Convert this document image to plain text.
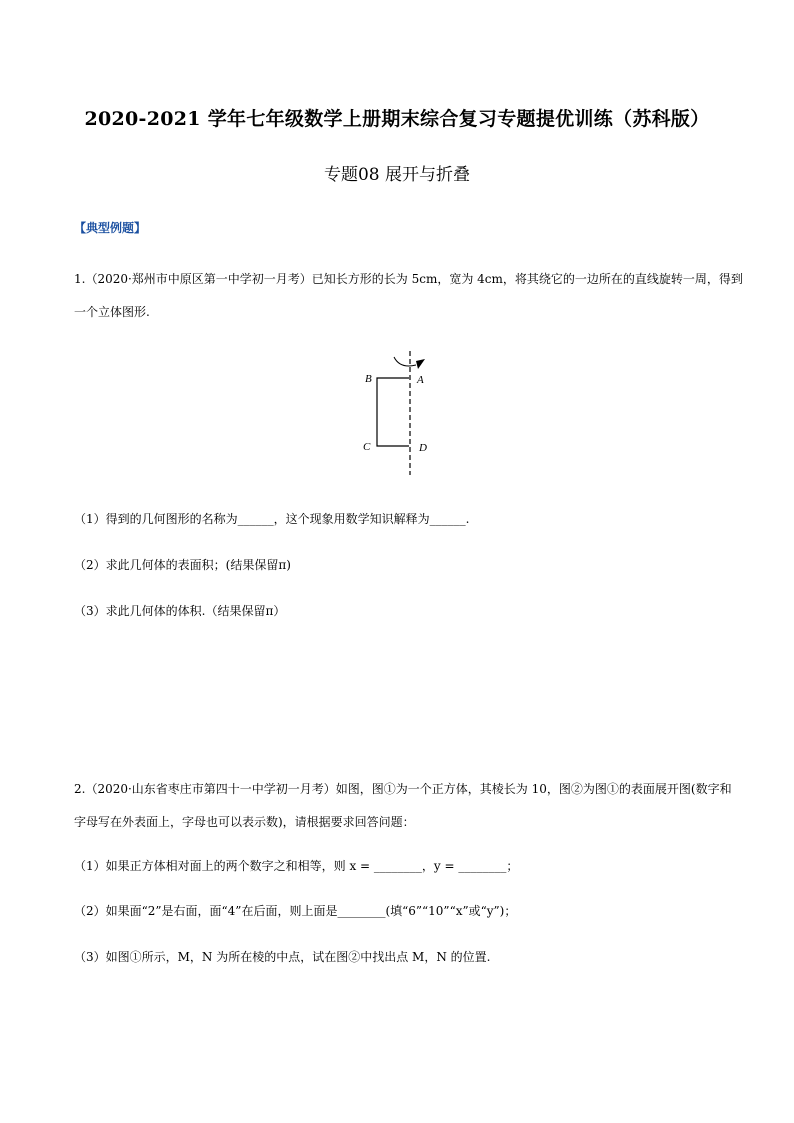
2020-2021 学年七年级数学上册期末综合复习专题提优训练（苏科版）
专题08 展开与折叠
【典型例题】
1.（2020·郑州市中原区第一中学初一月考）已知长方形的长为 5cm，宽为 4cm，将其绕它的一边所在的直线旋转一周，得到
一个立体图形.
B	A
C	D
（1）得到的几何图形的名称为______，这个现象用数学知识解释为______.
（2）求此几何体的表面积；(结果保留π)
（3）求此几何体的体积.（结果保留π）
2.（2020·山东省枣庄市第四十一中学初一月考）如图，图①为一个正方体，其棱长为 10，图②为图①的表面展开图(数字和
字母写在外表面上，字母也可以表示数)，请根据要求回答问题：
（1）如果正方体相对面上的两个数字之和相等，则 x = ________，y = ________；
（2）如果面“2”是右面，面“4”在后面，则上面是________(填“6”“10”“x”或“y”)；
（3）如图①所示，M，N 为所在棱的中点，试在图②中找出点 M，N 的位置.
